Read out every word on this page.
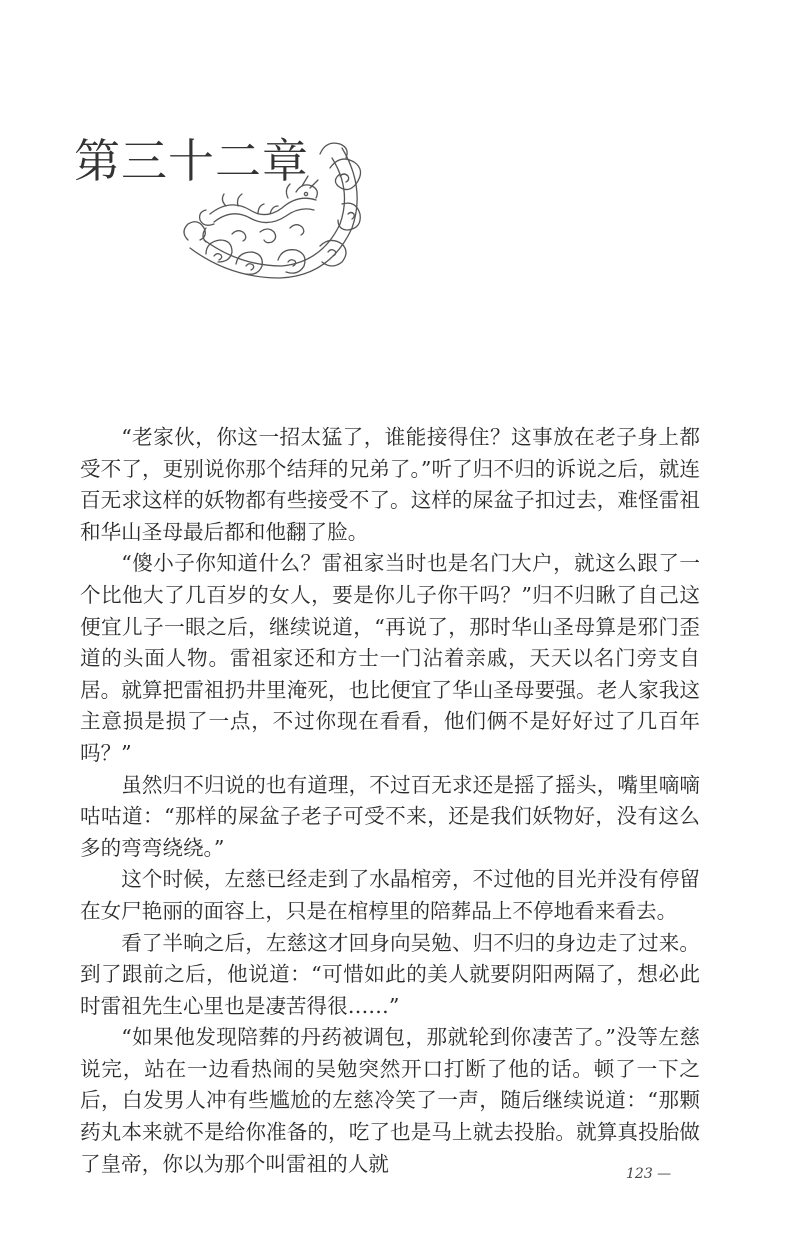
第三十二章

“老家伙，你这一招太猛了，谁能接得住？这事放在老子身上都受不了，更别说你那个结拜的兄弟了。”听了归不归的诉说之后，就连百无求这样的妖物都有些接受不了。这样的屎盆子扣过去，难怪雷祖和华山圣母最后都和他翻了脸。

“傻小子你知道什么？雷祖家当时也是名门大户，就这么跟了一个比他大了几百岁的女人，要是你儿子你干吗？”归不归瞅了自己这便宜儿子一眼之后，继续说道，“再说了，那时华山圣母算是邪门歪道的头面人物。雷祖家还和方士一门沾着亲戚，天天以名门旁支自居。就算把雷祖扔井里淹死，也比便宜了华山圣母要强。老人家我这主意损是损了一点，不过你现在看看，他们俩不是好好过了几百年吗？”

虽然归不归说的也有道理，不过百无求还是摇了摇头，嘴里嘀嘀咕咕道：“那样的屎盆子老子可受不来，还是我们妖物好，没有这么多的弯弯绕绕。”

这个时候，左慈已经走到了水晶棺旁，不过他的目光并没有停留在女尸艳丽的面容上，只是在棺椁里的陪葬品上不停地看来看去。

看了半晌之后，左慈这才回身向吴勉、归不归的身边走了过来。到了跟前之后，他说道：“可惜如此的美人就要阴阳两隔了，想必此时雷祖先生心里也是凄苦得很……”

“如果他发现陪葬的丹药被调包，那就轮到你凄苦了。”没等左慈说完，站在一边看热闹的吴勉突然开口打断了他的话。顿了一下之后，白发男人冲有些尴尬的左慈冷笑了一声，随后继续说道：“那颗药丸本来就不是给你准备的，吃了也是马上就去投胎。就算真投胎做了皇帝，你以为那个叫雷祖的人就	123 —
